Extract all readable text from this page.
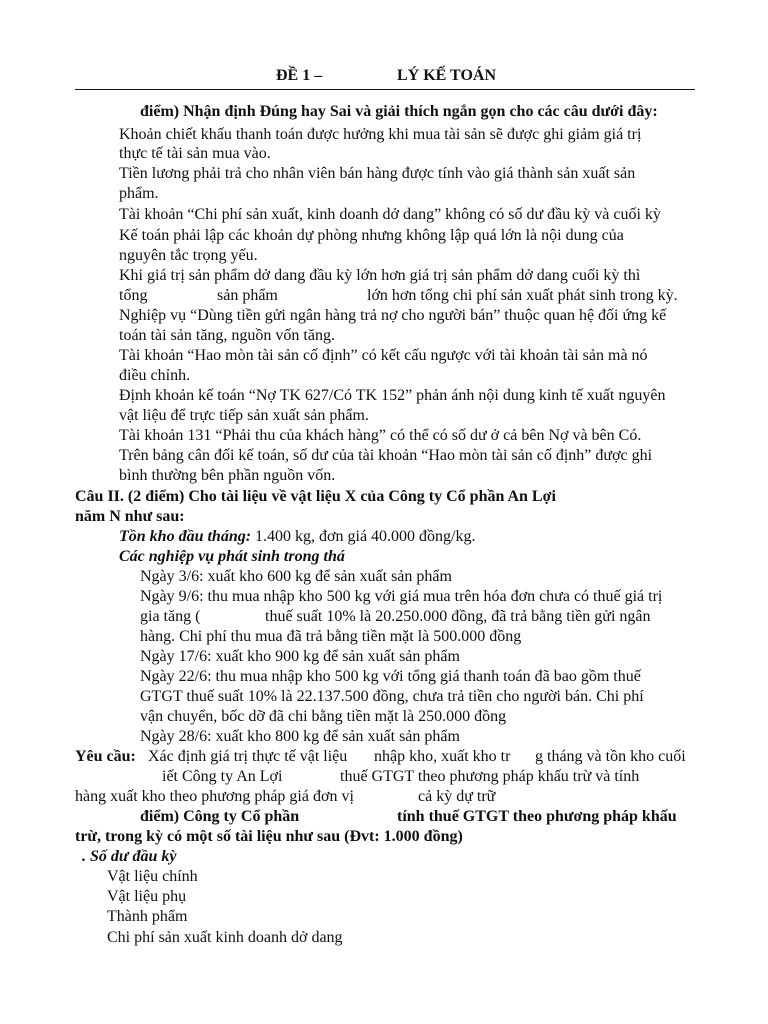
ĐỀ 1 –	LÝ KẾ TOÁN
điểm) Nhận định Đúng hay Sai và giải thích ngắn gọn cho các câu dưới đây:
Khoản chiết khấu thanh toán được hưởng khi mua tài sản sẽ được ghi giảm giá trị
thực tế tài sản mua vào.
Tiền lương phải trả cho nhân viên bán hàng được tính vào giá thành sản xuất sản
phẩm.
Tài khoản “Chi phí sản xuất, kinh doanh dở dang” không có số dư đầu kỳ và cuối kỳ
Kế toán phải lập các khoản dự phòng nhưng không lập quá lớn là nội dung của
nguyên tắc trọng yếu.
Khi giá trị sản phẩm dở dang đầu kỳ lớn hơn giá trị sản phẩm dở dang cuối kỳ thì
tổng	sản phẩm	lớn hơn tổng chi phí sản xuất phát sinh trong kỳ.
Nghiệp vụ “Dùng tiền gửi ngân hàng trả nợ cho người bán” thuộc quan hệ đối ứng kế
toán tài sản tăng, nguồn vốn tăng.
Tài khoản “Hao mòn tài sản cố định” có kết cấu ngược với tài khoản tài sản mà nó
điều chỉnh.
Định khoản kế toán “Nợ TK 627/Có TK 152” phản ánh nội dung kinh tế xuất nguyên
vật liệu để trực tiếp sản xuất sản phẩm.
Tài khoản 131 “Phải thu của khách hàng” có thể có số dư ở cả bên Nợ và bên Có.
Trên bảng cân đối kế toán, số dư của tài khoản “Hao mòn tài sản cố định” được ghi
bình thường bên phần nguồn vốn.
Câu II. (2 điểm) Cho tài liệu về vật liệu X của Công ty Cổ phần An Lợi
năm N như sau:
Tồn kho đầu tháng: 1.400 kg, đơn giá 40.000 đồng/kg.
Các nghiệp vụ phát sinh trong thá
Ngày 3/6: xuất kho 600 kg để sản xuất sản phẩm
Ngày 9/6: thu mua nhập kho 500 kg với giá mua trên hóa đơn chưa có thuế giá trị
gia tăng (	thuế suất 10% là 20.250.000 đồng, đã trả bằng tiền gửi ngân
hàng. Chi phí thu mua đã trả bằng tiền mặt là 500.000 đồng
Ngày 17/6: xuất kho 900 kg để sản xuất sản phẩm
Ngày 22/6: thu mua nhập kho 500 kg với tổng giá thanh toán đã bao gồm thuế
GTGT thuế suất 10% là 22.137.500 đồng, chưa trả tiền cho người bán. Chi phí
vận chuyển, bốc dỡ đã chi bằng tiền mặt là 250.000 đồng
Ngày 28/6: xuất kho 800 kg để sản xuất sản phẩm
Yêu cầu: Xác định giá trị thực tế vật liệu nhập kho, xuất kho tr g tháng và tồn kho cuối
iết Công ty An Lợi	thuế GTGT theo phương pháp khấu trừ và tính
hàng xuất kho theo phương pháp giá đơn vị	cả kỳ dự trữ
điểm) Công ty Cổ phần	tính thuế GTGT theo phương pháp khấu
trừ, trong kỳ có một số tài liệu như sau (Đvt: 1.000 đồng)
. Số dư đầu kỳ
Vật liệu chính
Vật liệu phụ
Thành phẩm
Chi phí sản xuất kinh doanh dở dang
